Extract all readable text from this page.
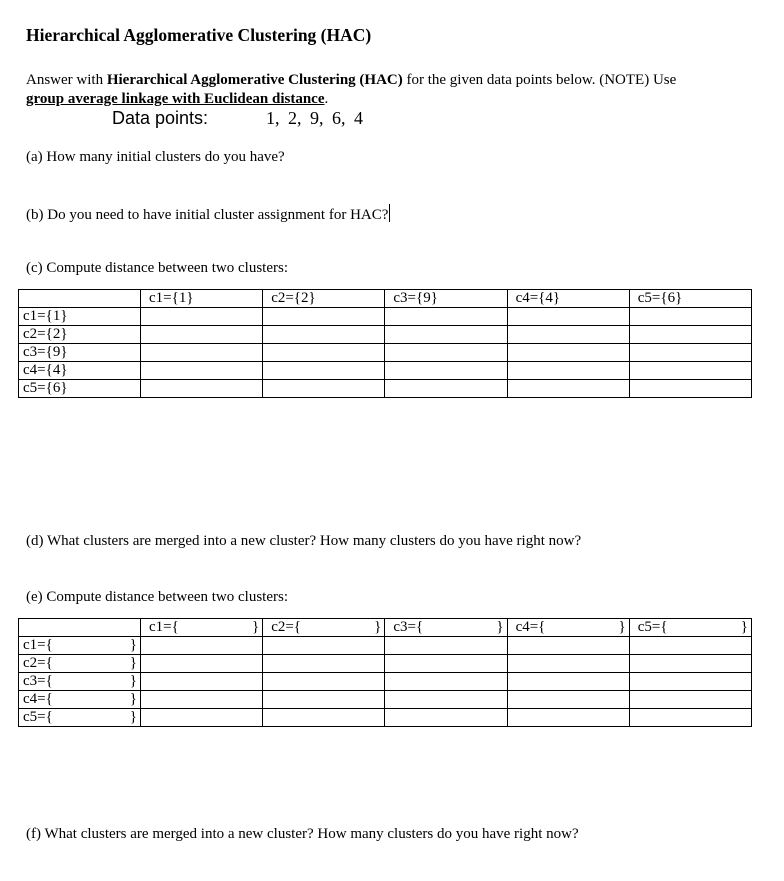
Hierarchical Agglomerative Clustering (HAC)
Answer with Hierarchical Agglomerative Clustering (HAC) for the given data points below. (NOTE) Use
group average linkage with Euclidean distance.
Data points:	1, 2, 9, 6, 4
(a) How many initial clusters do you have?
(b) Do you need to have initial cluster assignment for HAC?
(c) Compute distance between two clusters:
	c1={1}	c2={2}	c3={9}	c4={4}	c5={6}
c1={1}					
c2={2}					
c3={9}					
c4={4}					
c5={6}					
(d) What clusters are merged into a new cluster? How many clusters do you have right now?
(e) Compute distance between two clusters:
	c1={ }	c2={ }	c3={ }	c4={ }	c5={ }

c1={ }					

c2={ }					

c3={ }					

c4={ }					

c5={ }					

(f) What clusters are merged into a new cluster? How many clusters do you have right now?
